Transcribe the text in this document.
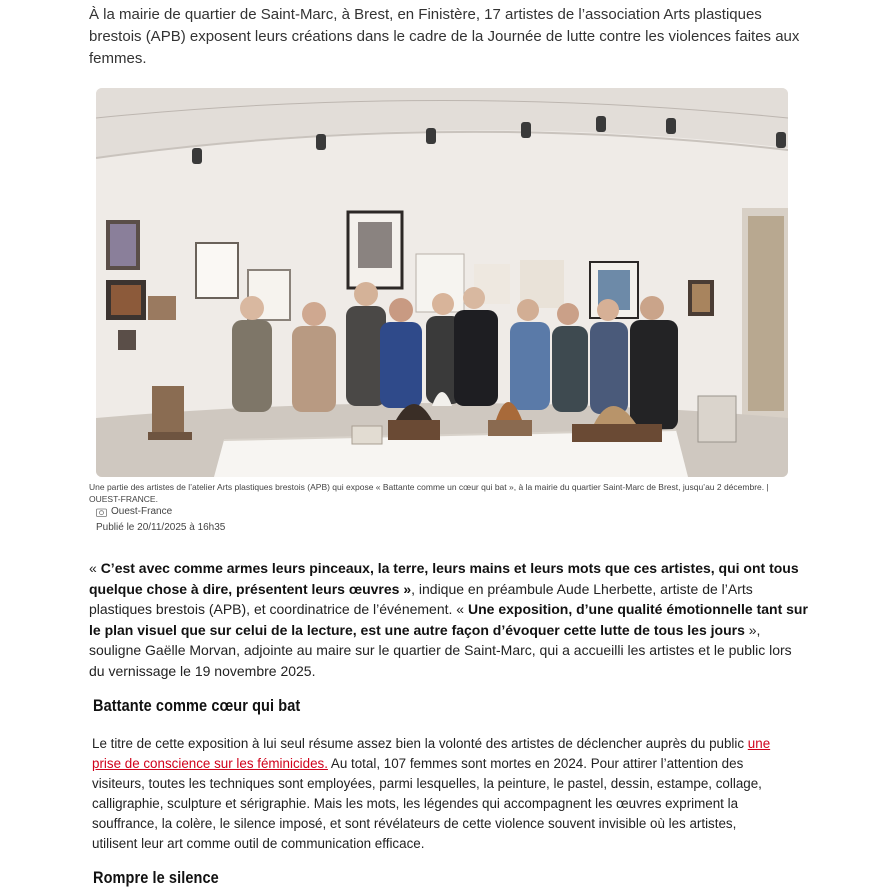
À la mairie de quartier de Saint-Marc, à Brest, en Finistère, 17 artistes de l’association Arts plastiques brestois (APB) exposent leurs créations dans le cadre de la Journée de lutte contre les violences faites aux femmes.

Une partie des artistes de l’atelier Arts plastiques brestois (APB) qui expose « Battante comme un cœur qui bat », à la mairie du quartier Saint-Marc de Brest, jusqu’au 2 décembre. | OUEST-FRANCE.

Ouest-France
Publié le 20/11/2025 à 16h35

« C’est avec comme armes leurs pinceaux, la terre, leurs mains et leurs mots que ces artistes, qui ont tous quelque chose à dire, présentent leurs œuvres », indique en préambule Aude Lherbette, artiste de l’Arts plastiques brestois (APB), et coordinatrice de l’événement. « Une exposition, d’une qualité émotionnelle tant sur le plan visuel que sur celui de la lecture, est une autre façon d’évoquer cette lutte de tous les jours », souligne Gaëlle Morvan, adjointe au maire sur le quartier de Saint-Marc, qui a accueilli les artistes et le public lors du vernissage le 19 novembre 2025.

Battante comme cœur qui bat

Le titre de cette exposition à lui seul résume assez bien la volonté des artistes de déclencher auprès du public une prise de conscience sur les féminicides. Au total, 107 femmes sont mortes en 2024. Pour attirer l’attention des visiteurs, toutes les techniques sont employées, parmi lesquelles, la peinture, le pastel, dessin, estampe, collage, calligraphie, sculpture et sérigraphie. Mais les mots, les légendes qui accompagnent les œuvres expriment la souffrance, la colère, le silence imposé, et sont révélateurs de cette violence souvent invisible où les artistes, utilisent leur art comme outil de communication efficace.

Rompre le silence
